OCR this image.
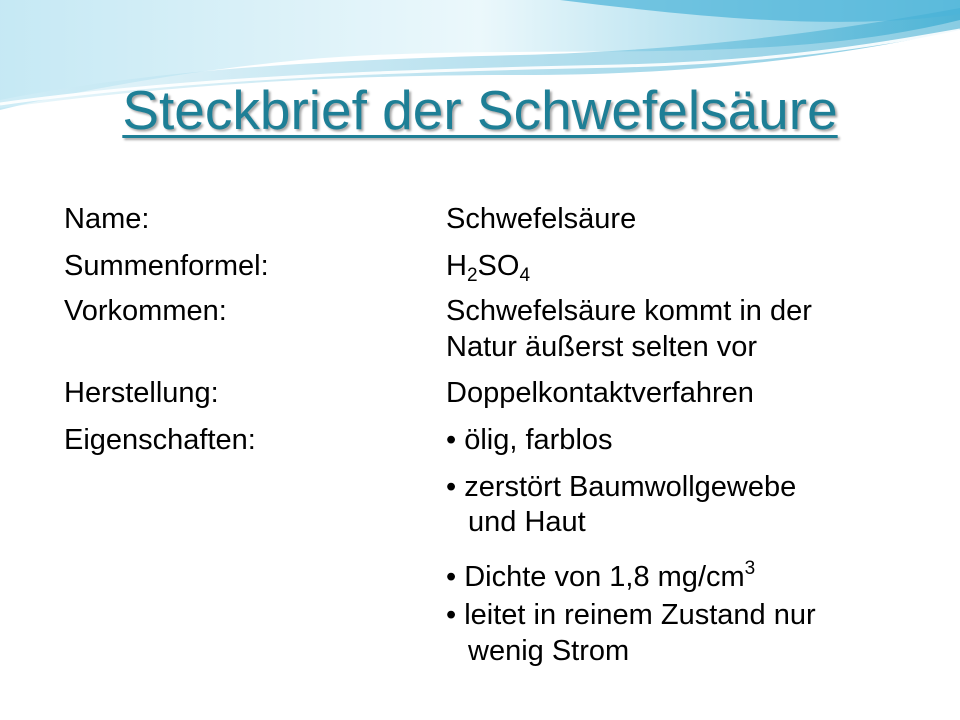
Steckbrief der Schwefelsäure
Name:	Schwefelsäure
Summenformel:	$H_2SO_4$
Vorkommen:	Schwefelsäure kommt in der
Natur äußerst selten vor
Herstellung:	Doppelkontaktverfahren
Eigenschaften:	• ölig, farblos
• zerstört Baumwollgewebe
und Haut
• Dichte von 1,8 $mg/cm^3$
• leitet in reinem Zustand nur
wenig Strom
